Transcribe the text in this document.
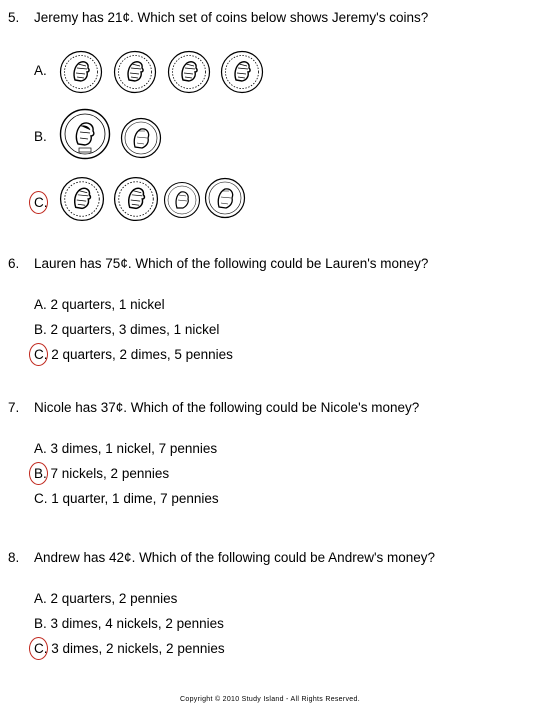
5. Jeremy has 21¢. Which set of coins below shows Jeremy's coins?
A.
B.
C.
6. Lauren has 75¢. Which of the following could be Lauren's money?
A. 2 quarters, 1 nickel
B. 2 quarters, 3 dimes, 1 nickel
C. 2 quarters, 2 dimes, 5 pennies
7. Nicole has 37¢. Which of the following could be Nicole's money?
A. 3 dimes, 1 nickel, 7 pennies
B. 7 nickels, 2 pennies
C. 1 quarter, 1 dime, 7 pennies
8. Andrew has 42¢. Which of the following could be Andrew's money?
A. 2 quarters, 2 pennies
B. 3 dimes, 4 nickels, 2 pennies
C. 3 dimes, 2 nickels, 2 pennies
Copyright © 2010 Study Island - All Rights Reserved.
